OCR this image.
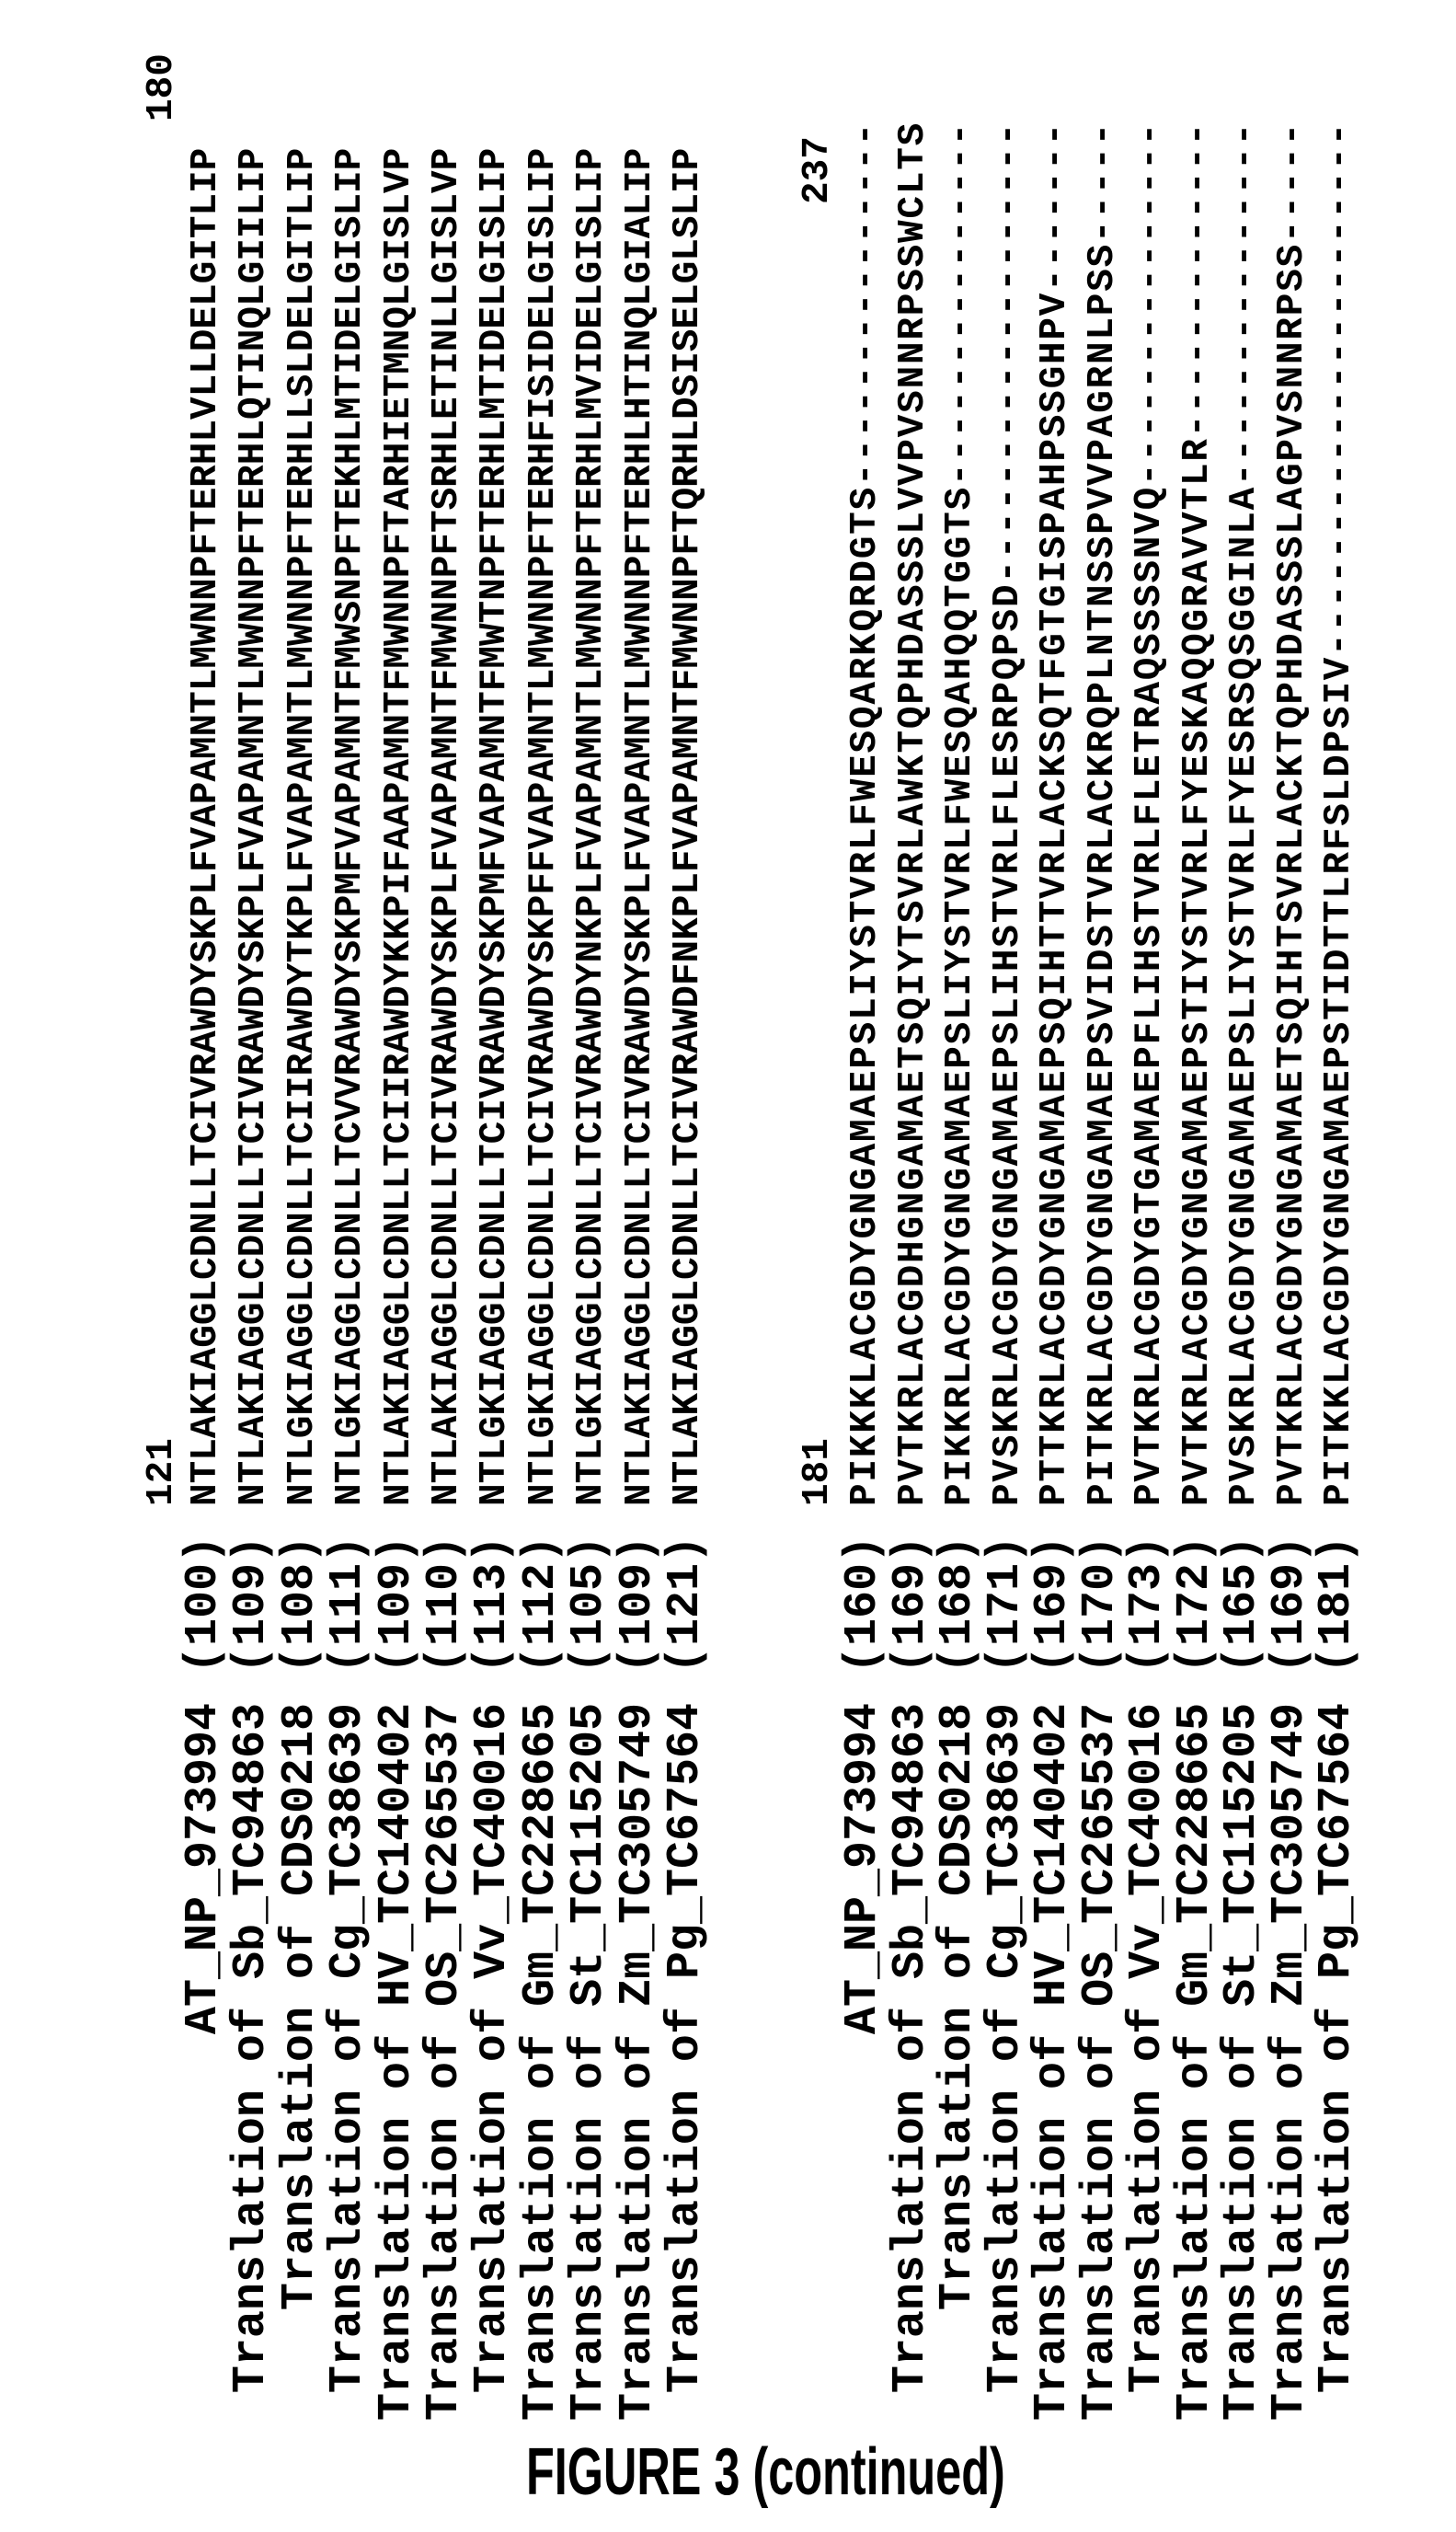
121

180

AT_NP_973994(100)NTLAKIAGGLCDNLLTCIVRAWDYSKPLFVAPAMNTLMWNNPFTERHLVLLDELGITLIP
Translation of Sb_TC94863(109)NTLAKIAGGLCDNLLTCIVRAWDYSKPLFVAPAMNTLMWNNPFTERHLQTINQLGIILIP
Translation of CDS0218(108)NTLGKIAGGLCDNLLTCIIRAWDYTKPLFVAPAMNTLMWNNPFTERHLLSLDELGITLIP
Translation of Cg_TC38639(111)NTLGKIAGGLCDNLLTCVVRAWDYSKPMFVAPAMNTFMWSNPFTEKHLMTIDELGISLIP
Translation of HV_TC140402(109)NTLAKIAGGLCDNLLTCIIRAWDYKKPIFAAPAMNTFMWNNPFTARHIETMNQLGISLVP
Translation of OS_TC265537(110)NTLAKIAGGLCDNLLTCIVRAWDYSKPLFVAPAMNTFMWNNPFTSRHLETINLLGISLVP
Translation of Vv_TC40016(113)NTLGKIAGGLCDNLLTCIVRAWDYSKPMFVAPAMNTFMWTNPFTERHLMTIDELGISLIP
Translation of Gm_TC228665(112)NTLGKIAGGLCDNLLTCIVRAWDYSKPFFVAPAMNTLMWNNPFTERHFISIDELGISLIP
Translation of St_TC115205(105)NTLGKIAGGLCDNLLTCIVRAWDYNKPLFVAPAMNTLMWNNPFTERHLMVIDELGISLIP
Translation of Zm_TC305749(109)NTLAKIAGGLCDNLLTCIVRAWDYSKPLFVAPAMNTLMWNNPFTERHLHTINQLGIALIP
Translation of Pg_TC67564(121)NTLAKIAGGLCDNLLTCIVRAWDFNKPLFVAPAMNTFMWNNPFTQRHLDSISELGLSLIP

181

237

AT_NP_973994(160)PIKKKLACGDYGNGAMAEPSLIYSTVRLFWESQARKQRDGTS---------------
Translation of Sb_TC94863(169)PVTKRLACGDHGNGAMAETSQIYTSVRLAWKTQPHDASSSLVVPVSNNRPSSWCLTS
Translation of CDS0218(168)PIKKRLACGDYGNGAMAEPSLIYSTVRLFWESQAHQQTGGTS---------------
Translation of Cg_TC38639(171)PVSKRLACGDYGNGAMAEPSLIHSTVRLFLESRPQPSD-------------------
Translation of HV_TC140402(169)PTTKRLACGDYGNGAMAEPSQIHTTVRLACKSQTFGTGISPAHPSSGHPV-------
Translation of OS_TC265537(170)PITKRLACGDYGNGAMAEPSVIDSTVRLACKRQPLNTNSSPVVPAGRNLPSS-----
Translation of Vv_TC40016(173)PVTKRLACGDYGTGAMAEPFLIHSTVRLFLETRAQSSSSNVQ---------------
Translation of Gm_TC228665(172)PVTKRLACGDYGNGAMAEPSTIYSTVRLFYESKAQQGRAVVTLR-------------
Translation of St_TC115205(165)PVSKRLACGDYGNGAMAEPSLIYSTVRLFYESRSQSGGINLA---------------
Translation of Zm_TC305749(169)PVTKRLACGDYGNGAMAETSQIHTSVRLACKTQPHDASSSLAGPVSNNRPSS-----
Translation of Pg_TC67564(181)PITKKLACGDYGNGAMAEPSTIDTTLRFSLDPSIV----------------------
FIGURE 3 (continued)
